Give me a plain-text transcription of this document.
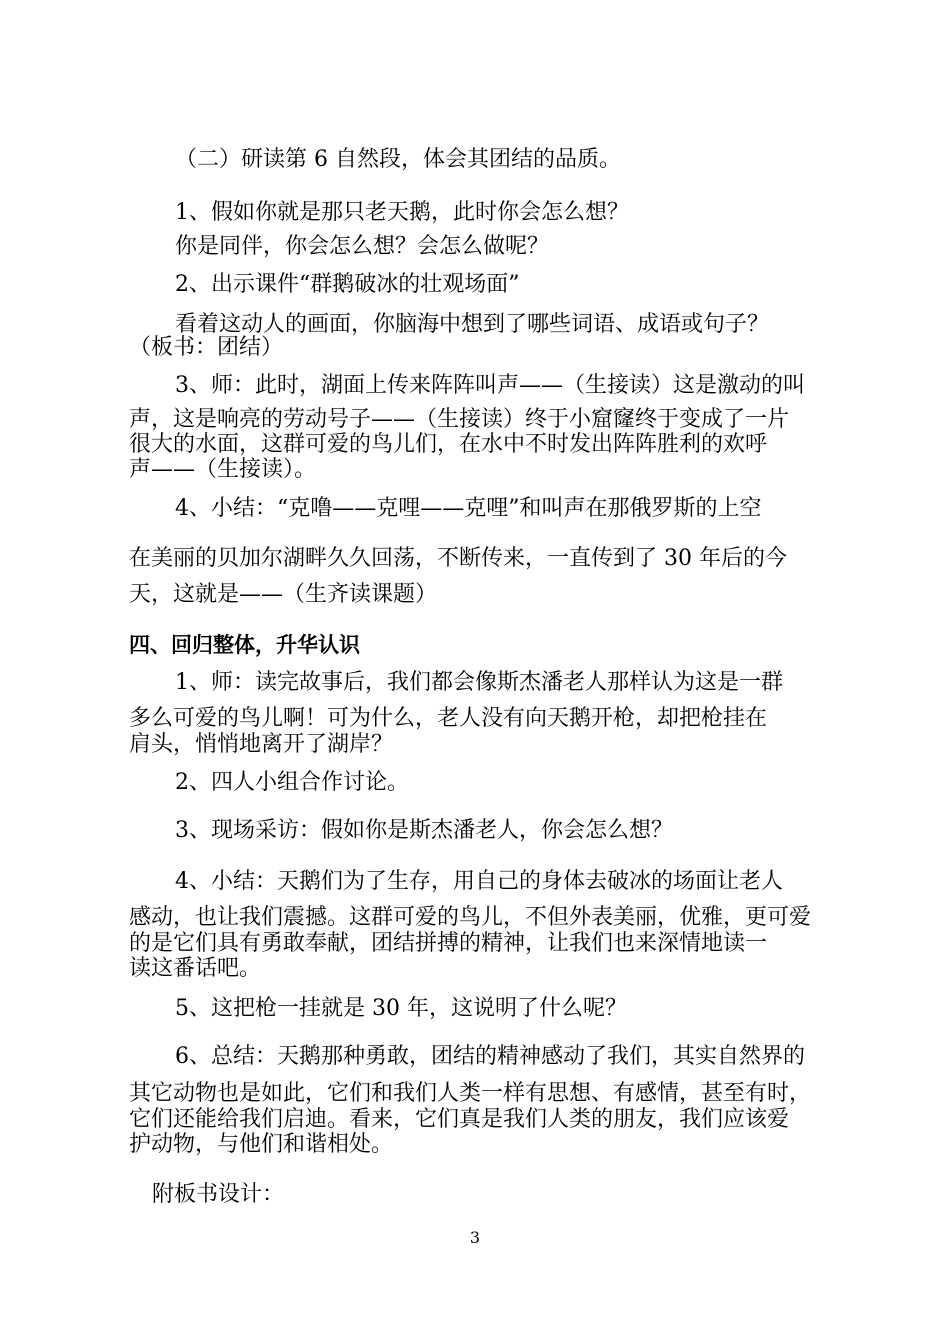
（二）研读第 6 自然段，体会其团结的品质。
1、假如你就是那只老天鹅，此时你会怎么想？
你是同伴，你会怎么想？会怎么做呢？
2、出示课件“群鹅破冰的壮观场面”
看着这动人的画面，你脑海中想到了哪些词语、成语或句子？
（板书：团结）
3、师：此时，湖面上传来阵阵叫声——（生接读）这是激动的叫
声，这是响亮的劳动号子——（生接读）终于小窟窿终于变成了一片
很大的水面，这群可爱的鸟儿们，在水中不时发出阵阵胜利的欢呼
声——（生接读）。
4、小结：“克噜——克哩——克哩”和叫声在那俄罗斯的上空
在美丽的贝加尔湖畔久久回荡，不断传来，一直传到了 30 年后的今
天，这就是——（生齐读课题）
四、回归整体，升华认识
1、师：读完故事后，我们都会像斯杰潘老人那样认为这是一群
多么可爱的鸟儿啊！可为什么，老人没有向天鹅开枪，却把枪挂在
肩头，悄悄地离开了湖岸？
2、四人小组合作讨论。
3、现场采访：假如你是斯杰潘老人，你会怎么想？
4、小结：天鹅们为了生存，用自己的身体去破冰的场面让老人
感动，也让我们震撼。这群可爱的鸟儿，不但外表美丽，优雅，更可爱
的是它们具有勇敢奉献，团结拼搏的精神，让我们也来深情地读一
读这番话吧。
5、这把枪一挂就是 30 年，这说明了什么呢？
6、总结：天鹅那种勇敢，团结的精神感动了我们，其实自然界的
其它动物也是如此，它们和我们人类一样有思想、有感情，甚至有时，
它们还能给我们启迪。看来，它们真是我们人类的朋友，我们应该爱
护动物，与他们和谐相处。
附板书设计：
3
